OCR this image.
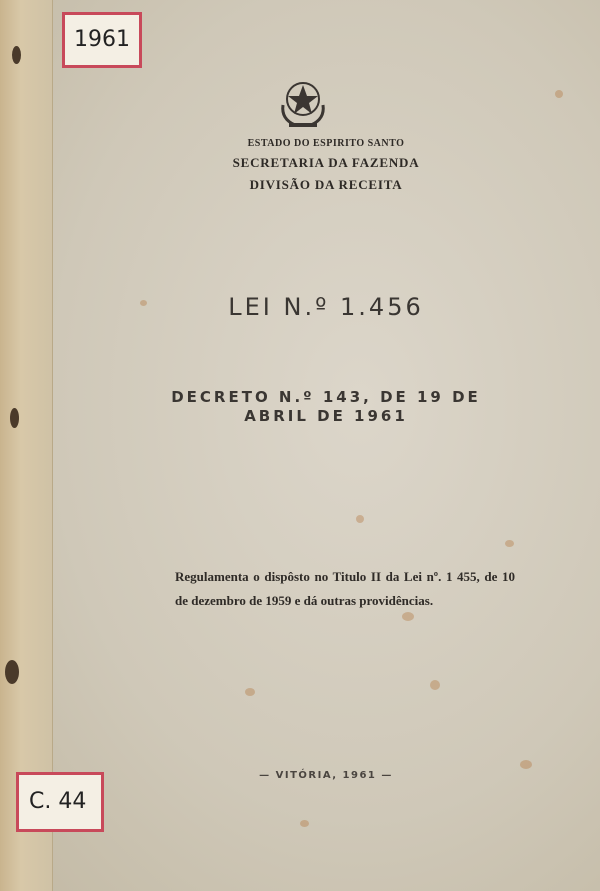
1961
ESTADO DO ESPIRITO SANTO
SECRETARIA DA FAZENDA
DIVISÃO DA RECEITA
LEI N.º 1.456
DECRETO N.º 143, DE 19 DE
ABRIL DE 1961
Regulamenta o dispôsto no Titulo II da Lei nº. 1 455, de 10 de dezembro de 1959 e dá outras providências.
— VITÓRIA, 1961 —
C. 44
